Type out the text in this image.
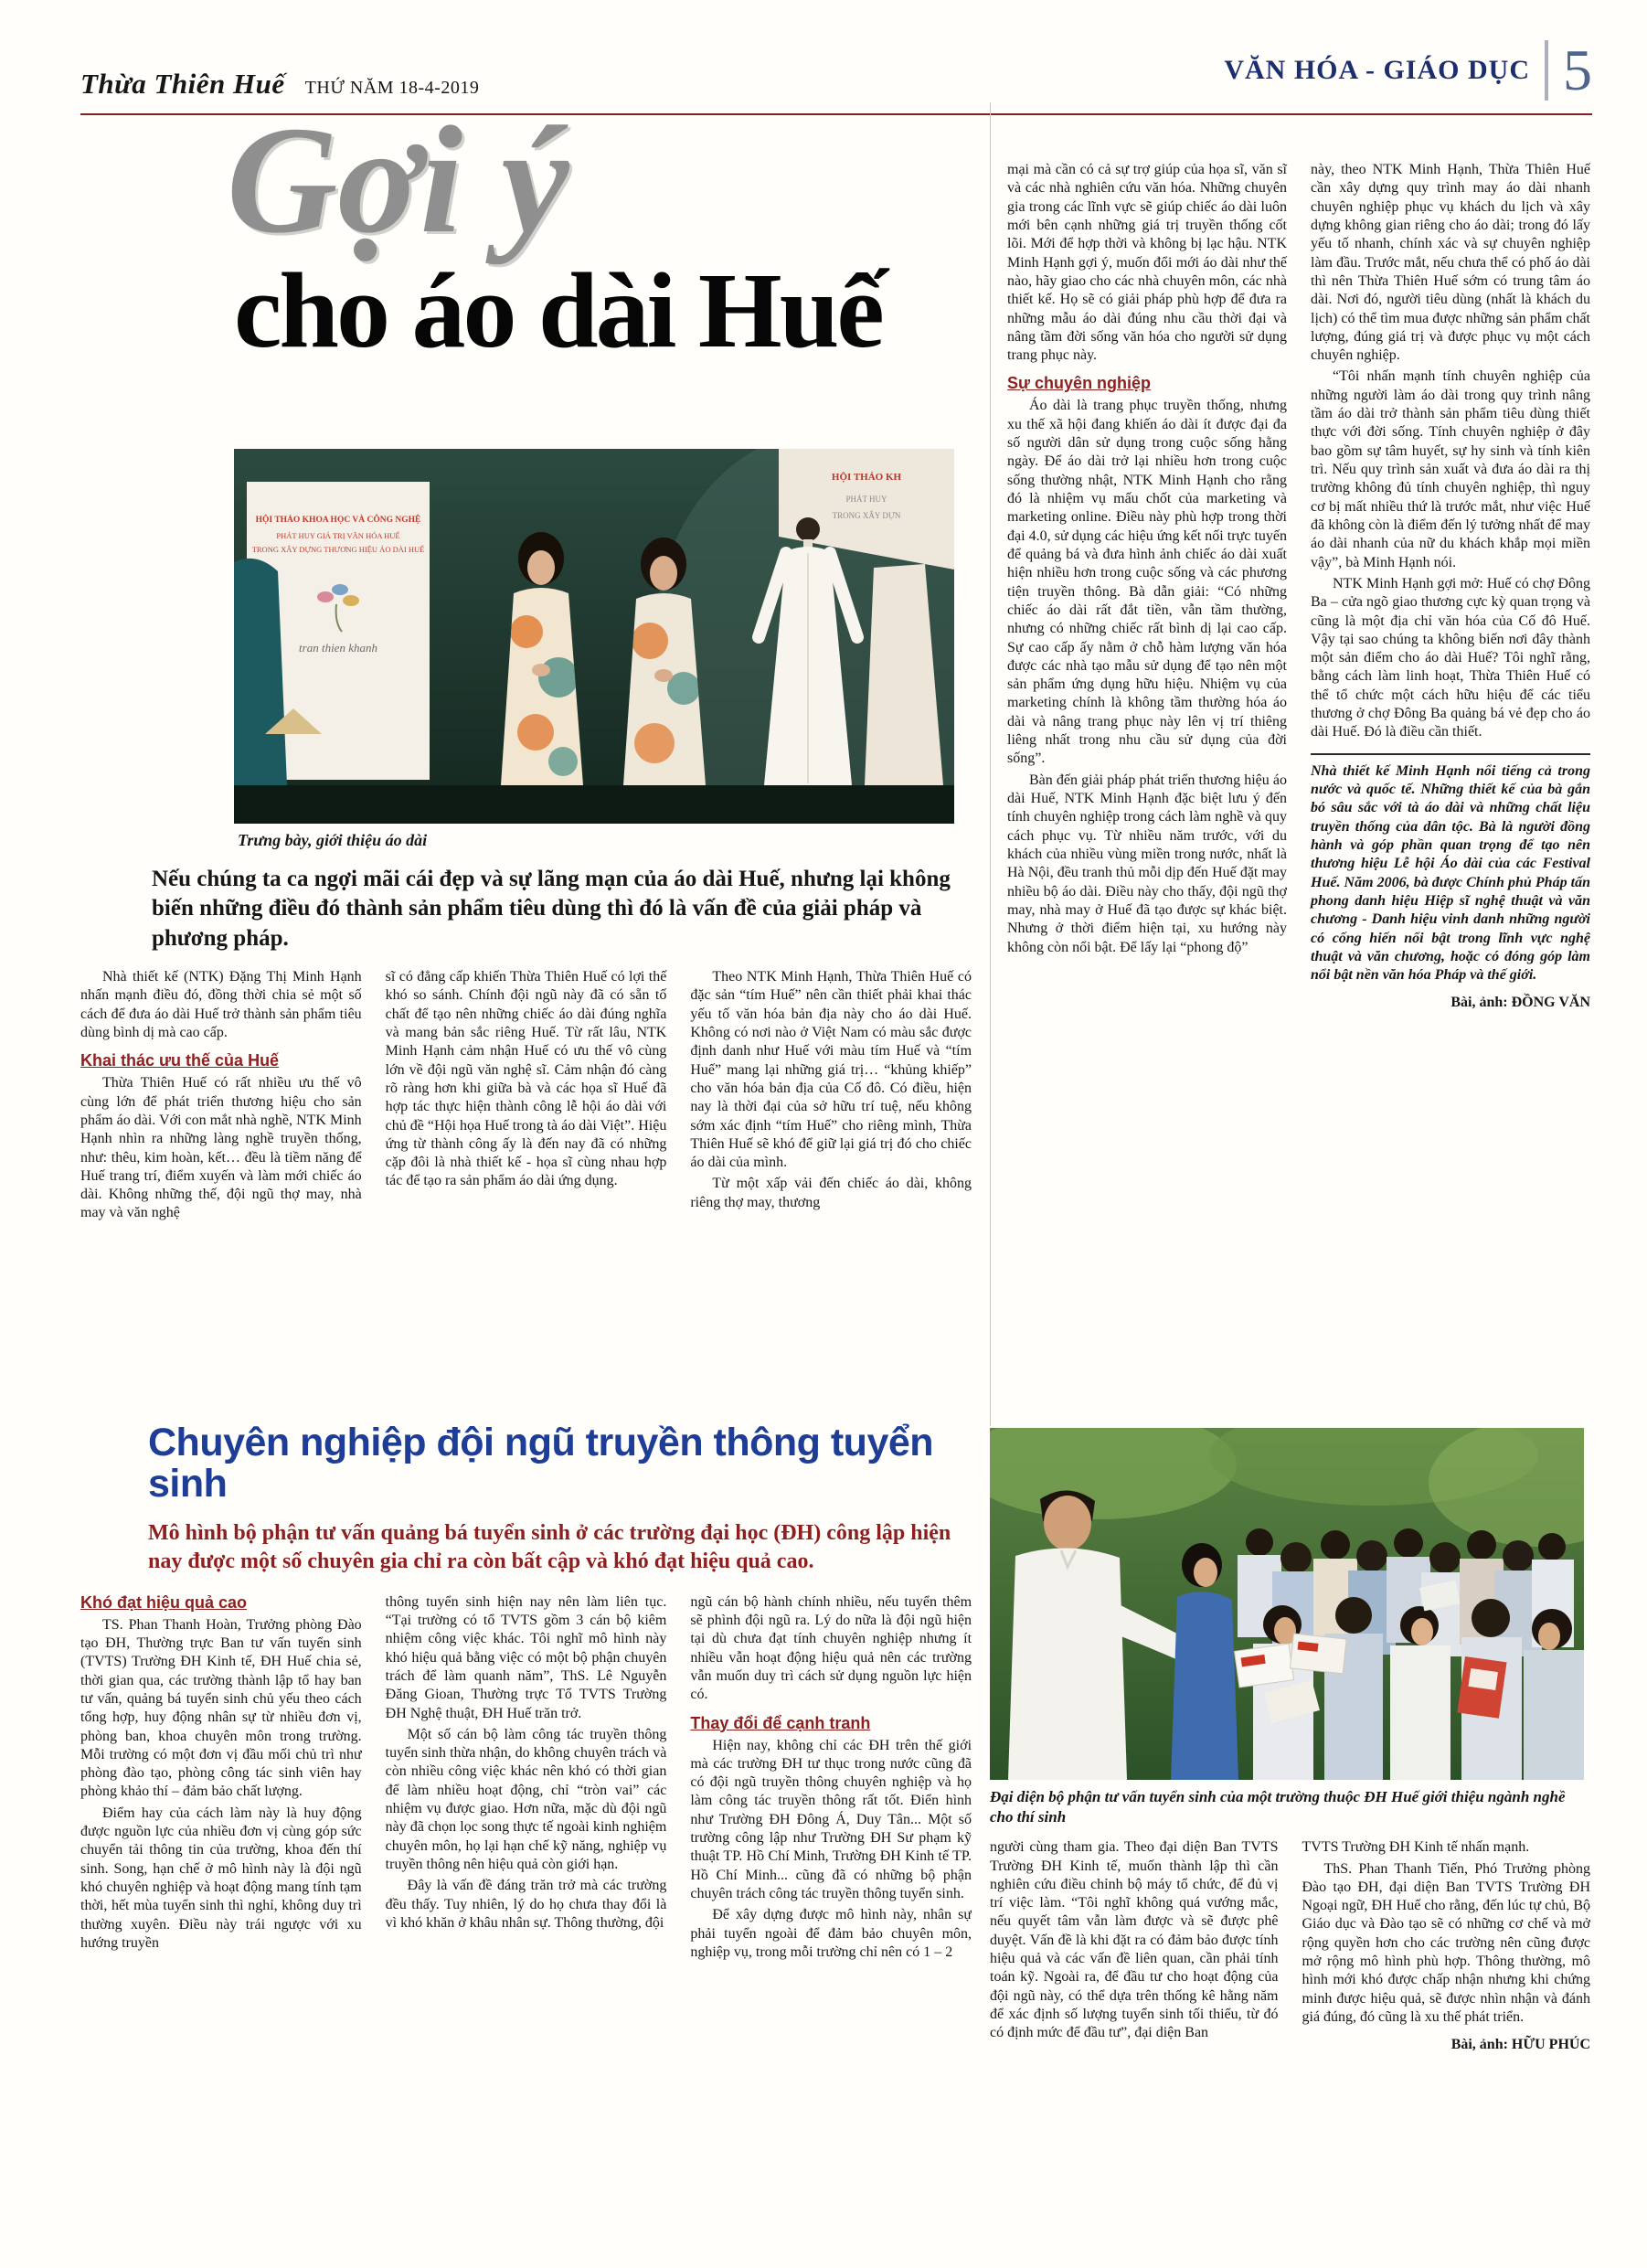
Thừa Thiên Huế THỨ NĂM 18-4-2019
VĂN HÓA - GIÁO DỤC 5
Gợi ý
cho áo dài Huế
HỘI THẢO KH
PHÁT HUY
TRONG XÂY DỰN
HỘI THẢO KHOA HỌC VÀ CÔNG NGHỆ
PHÁT HUY GIÁ TRỊ VĂN HÓA HUẾ
TRONG XÂY DỰNG THƯƠNG HIỆU ÁO DÀI HUẾ
tran thien khanh
Trưng bày, giới thiệu áo dài

Nếu chúng ta ca ngợi mãi cái đẹp và sự lãng mạn của áo dài Huế, nhưng lại không biến những điều đó thành sản phẩm tiêu dùng thì đó là vấn đề của giải pháp và phương pháp.

Nhà thiết kế (NTK) Đặng Thị Minh Hạnh nhấn mạnh điều đó, đồng thời chia sẻ một số cách để đưa áo dài Huế trở thành sản phẩm tiêu dùng bình dị mà cao cấp.

Khai thác ưu thế của Huế

Thừa Thiên Huế có rất nhiều ưu thế vô cùng lớn để phát triển thương hiệu cho sản phẩm áo dài. Với con mắt nhà nghề, NTK Minh Hạnh nhìn ra những làng nghề truyền thống, như: thêu, kim hoàn, kết… đều là tiềm năng để Huế trang trí, điểm xuyến và làm mới chiếc áo dài. Không những thế, đội ngũ thợ may, nhà may và văn nghệ

sĩ có đẳng cấp khiến Thừa Thiên Huế có lợi thế khó so sánh. Chính đội ngũ này đã có sẵn tố chất để tạo nên những chiếc áo dài đúng nghĩa và mang bản sắc riêng Huế. Từ rất lâu, NTK Minh Hạnh cảm nhận Huế có ưu thế vô cùng lớn về đội ngũ văn nghệ sĩ. Cảm nhận đó càng rõ ràng hơn khi giữa bà và các họa sĩ Huế đã hợp tác thực hiện thành công lễ hội áo dài với chủ đề “Hội họa Huế trong tà áo dài Việt”. Hiệu ứng từ thành công ấy là đến nay đã có những cặp đôi là nhà thiết kế - họa sĩ cùng nhau hợp tác để tạo ra sản phẩm áo dài ứng dụng.

Theo NTK Minh Hạnh, Thừa Thiên Huế có đặc sản “tím Huế” nên cần thiết phải khai thác yếu tố văn hóa bản địa này cho áo dài Huế. Không có nơi nào ở Việt Nam có màu sắc được định danh như Huế với màu tím Huế và “tím Huế” mang lại những giá trị… “khủng khiếp” cho văn hóa bản địa của Cố đô. Có điều, hiện nay là thời đại của sở hữu trí tuệ, nếu không sớm xác định “tím Huế” cho riêng mình, Thừa Thiên Huế sẽ khó để giữ lại giá trị đó cho chiếc áo dài của mình.

Từ một xấp vải đến chiếc áo dài, không riêng thợ may, thương

mại mà cần có cả sự trợ giúp của họa sĩ, văn sĩ và các nhà nghiên cứu văn hóa. Những chuyên gia trong các lĩnh vực sẽ giúp chiếc áo dài luôn mới bên cạnh những giá trị truyền thống cốt lõi. Mới để hợp thời và không bị lạc hậu. NTK Minh Hạnh gợi ý, muốn đổi mới áo dài như thế nào, hãy giao cho các nhà chuyên môn, các nhà thiết kế. Họ sẽ có giải pháp phù hợp để đưa ra những mẫu áo dài đúng nhu cầu thời đại và nâng tầm đời sống văn hóa cho người sử dụng trang phục này.

Sự chuyên nghiệp

Áo dài là trang phục truyền thống, nhưng xu thế xã hội đang khiến áo dài ít được đại đa số người dân sử dụng trong cuộc sống hằng ngày. Để áo dài trở lại nhiều hơn trong cuộc sống thường nhật, NTK Minh Hạnh cho rằng đó là nhiệm vụ mấu chốt của marketing và marketing online. Điều này phù hợp trong thời đại 4.0, sử dụng các hiệu ứng kết nối trực tuyến để quảng bá và đưa hình ảnh chiếc áo dài xuất hiện nhiều hơn trong cuộc sống và các phương tiện truyền thông. Bà dẫn giải: “Có những chiếc áo dài rất đắt tiền, vẫn tầm thường, nhưng có những chiếc rất bình dị lại cao cấp. Sự cao cấp ấy nằm ở chỗ hàm lượng văn hóa được các nhà tạo mẫu sử dụng để tạo nên một sản phẩm ứng dụng hữu hiệu. Nhiệm vụ của marketing chính là không tầm thường hóa áo dài và nâng trang phục này lên vị trí thiêng liêng nhất trong nhu cầu sử dụng của đời sống”.

Bàn đến giải pháp phát triển thương hiệu áo dài Huế, NTK Minh Hạnh đặc biệt lưu ý đến tính chuyên nghiệp trong cách làm nghề và quy cách phục vụ. Từ nhiều năm trước, với du khách của nhiều vùng miền trong nước, nhất là Hà Nội, đều tranh thủ mỗi dịp đến Huế đặt may nhiều bộ áo dài. Điều này cho thấy, đội ngũ thợ may, nhà may ở Huế đã tạo được sự khác biệt. Nhưng ở thời điểm hiện tại, xu hướng này không còn nổi bật. Để lấy lại “phong độ”

này, theo NTK Minh Hạnh, Thừa Thiên Huế cần xây dựng quy trình may áo dài nhanh chuyên nghiệp phục vụ khách du lịch và xây dựng không gian riêng cho áo dài; trong đó lấy yếu tố nhanh, chính xác và sự chuyên nghiệp làm đầu. Trước mắt, nếu chưa thể có phố áo dài thì nên Thừa Thiên Huế sớm có trung tâm áo dài. Nơi đó, người tiêu dùng (nhất là khách du lịch) có thể tìm mua được những sản phẩm chất lượng, đúng giá trị và được phục vụ một cách chuyên nghiệp.

“Tôi nhấn mạnh tính chuyên nghiệp của những người làm áo dài trong quy trình nâng tầm áo dài trở thành sản phẩm tiêu dùng thiết thực với đời sống. Tính chuyên nghiệp ở đây bao gồm sự tâm huyết, sự hy sinh và tính kiên trì. Nếu quy trình sản xuất và đưa áo dài ra thị trường không đủ tính chuyên nghiệp, thì nguy cơ bị mất nhiều thứ là trước mắt, như việc Huế đã không còn là điểm đến lý tưởng nhất để may áo dài nhanh của nữ du khách khắp mọi miền vậy”, bà Minh Hạnh nói.

NTK Minh Hạnh gợi mở: Huế có chợ Đông Ba – cửa ngõ giao thương cực kỳ quan trọng và cũng là một địa chỉ văn hóa của Cố đô Huế. Vậy tại sao chúng ta không biến nơi đây thành một sản điểm cho áo dài Huế? Tôi nghĩ rằng, bằng cách làm linh hoạt, Thừa Thiên Huế có thể tổ chức một cách hữu hiệu để các tiểu thương ở chợ Đông Ba quảng bá vẻ đẹp cho áo dài Huế. Đó là điều cần thiết.

Nhà thiết kế Minh Hạnh nổi tiếng cả trong nước và quốc tế. Những thiết kế của bà gắn bó sâu sắc với tà áo dài và những chất liệu truyền thống của dân tộc. Bà là người đồng hành và góp phần quan trọng để tạo nên thương hiệu Lễ hội Áo dài của các Festival Huế. Năm 2006, bà được Chính phủ Pháp tấn phong danh hiệu Hiệp sĩ nghệ thuật và văn chương - Danh hiệu vinh danh những người có cống hiến nổi bật trong lĩnh vực nghệ thuật và văn chương, hoặc có đóng góp làm nổi bật nền văn hóa Pháp và thế giới.

Bài, ảnh: ĐỒNG VĂN

Chuyên nghiệp đội ngũ truyền thông tuyển sinh

Mô hình bộ phận tư vấn quảng bá tuyển sinh ở các trường đại học (ĐH) công lập hiện nay được một số chuyên gia chỉ ra còn bất cập và khó đạt hiệu quả cao.

Khó đạt hiệu quả cao

TS. Phan Thanh Hoàn, Trưởng phòng Đào tạo ĐH, Thường trực Ban tư vấn tuyển sinh (TVTS) Trường ĐH Kinh tế, ĐH Huế chia sẻ, thời gian qua, các trường thành lập tổ hay ban tư vấn, quảng bá tuyển sinh chủ yếu theo cách tổng hợp, huy động nhân sự từ nhiều đơn vị, phòng ban, khoa chuyên môn trong trường. Mỗi trường có một đơn vị đầu mối chủ trì như phòng đào tạo, phòng công tác sinh viên hay phòng khảo thí – đảm bảo chất lượng.

Điểm hay của cách làm này là huy động được nguồn lực của nhiều đơn vị cùng góp sức chuyển tải thông tin của trường, khoa đến thí sinh. Song, hạn chế ở mô hình này là đội ngũ khó chuyên nghiệp và hoạt động mang tính tạm thời, hết mùa tuyển sinh thì nghỉ, không duy trì thường xuyên. Điều này trái ngược với xu hướng truyền

thông tuyển sinh hiện nay nên làm liên tục. “Tại trường có tổ TVTS gồm 3 cán bộ kiêm nhiệm công việc khác. Tôi nghĩ mô hình này khó hiệu quả bằng việc có một bộ phận chuyên trách để làm quanh năm”, ThS. Lê Nguyễn Đăng Gioan, Thường trực Tổ TVTS Trường ĐH Nghệ thuật, ĐH Huế trăn trở.

Một số cán bộ làm công tác truyền thông tuyển sinh thừa nhận, do không chuyên trách và còn nhiều công việc khác nên khó có thời gian để làm nhiều hoạt động, chỉ “tròn vai” các nhiệm vụ được giao. Hơn nữa, mặc dù đội ngũ này đã chọn lọc song thực tế ngoài kinh nghiệm chuyên môn, họ lại hạn chế kỹ năng, nghiệp vụ truyền thông nên hiệu quả còn giới hạn.

Đây là vấn đề đáng trăn trở mà các trường đều thấy. Tuy nhiên, lý do họ chưa thay đổi là vì khó khăn ở khâu nhân sự. Thông thường, đội

ngũ cán bộ hành chính nhiều, nếu tuyển thêm sẽ phình đội ngũ ra. Lý do nữa là đội ngũ hiện tại dù chưa đạt tính chuyên nghiệp nhưng ít nhiều vẫn hoạt động hiệu quả nên các trường vẫn muốn duy trì cách sử dụng nguồn lực hiện có.

Thay đổi để cạnh tranh

Hiện nay, không chỉ các ĐH trên thế giới mà các trường ĐH tư thục trong nước cũng đã có đội ngũ truyền thông chuyên nghiệp và họ làm công tác truyền thông rất tốt. Điển hình như Trường ĐH Đông Á, Duy Tân... Một số trường công lập như Trường ĐH Sư phạm kỹ thuật TP. Hồ Chí Minh, Trường ĐH Kinh tế TP. Hồ Chí Minh... cũng đã có những bộ phận chuyên trách công tác truyền thông tuyển sinh.

Để xây dựng được mô hình này, nhân sự phải tuyển ngoài để đảm bảo chuyên môn, nghiệp vụ, trong mỗi trường chỉ nên có 1 – 2

Đại diện bộ phận tư vấn tuyển sinh của một trường thuộc ĐH Huế giới thiệu ngành nghề cho thí sinh

người cùng tham gia. Theo đại diện Ban TVTS Trường ĐH Kinh tế, muốn thành lập thì cần nghiên cứu điều chỉnh bộ máy tổ chức, để đủ vị trí việc làm. “Tôi nghĩ không quá vướng mắc, nếu quyết tâm vẫn làm được và sẽ được phê duyệt. Vấn đề là khi đặt ra có đảm bảo được tính hiệu quả và các vấn đề liên quan, cần phải tính toán kỹ. Ngoài ra, để đầu tư cho hoạt động của đội ngũ này, có thể dựa trên thống kê hằng năm để xác định số lượng tuyển sinh tối thiểu, từ đó có định mức để đầu tư”, đại diện Ban

TVTS Trường ĐH Kinh tế nhấn mạnh.

ThS. Phan Thanh Tiến, Phó Trưởng phòng Đào tạo ĐH, đại diện Ban TVTS Trường ĐH Ngoại ngữ, ĐH Huế cho rằng, đến lúc tự chủ, Bộ Giáo dục và Đào tạo sẽ có những cơ chế và mở rộng quyền hơn cho các trường nên cũng được mở rộng mô hình phù hợp. Thông thường, mô hình mới khó được chấp nhận nhưng khi chứng minh được hiệu quả, sẽ được nhìn nhận và đánh giá đúng, đó cũng là xu thế phát triển.

Bài, ảnh: HỮU PHÚC
